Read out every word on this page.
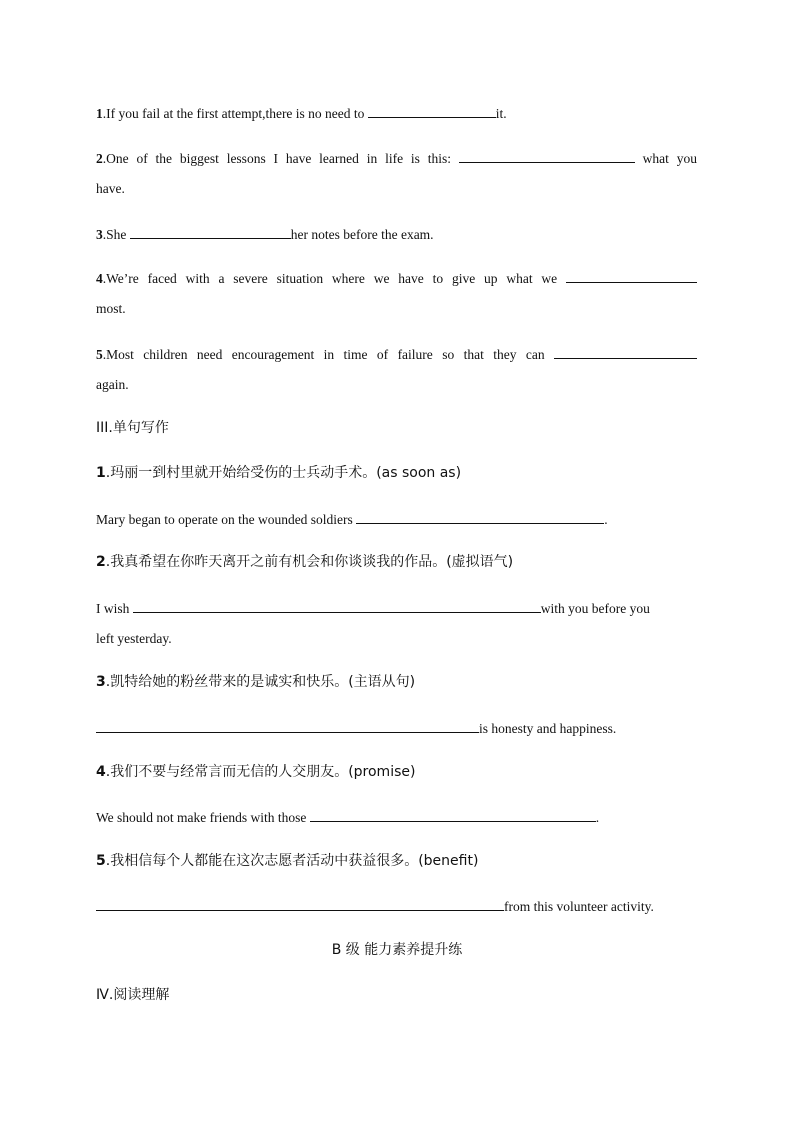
1.If you fail at the first attempt,there is no need to	it.
2.One of the biggest lessons I have learned in life is this:	what you
have.
3.She	her notes before the exam.
4.We’re faced with a severe situation where we have to give up what we
most.
5.Most children need encouragement in time of failure so that they can
again.
III.单句写作
1.玛丽一到村里就开始给受伤的士兵动手术。(as soon as)
Mary began to operate on the wounded soldiers	.
2.我真希望在你昨天离开之前有机会和你谈谈我的作品。(虚拟语气)
I wish	with you before you
left yesterday.
3.凯特给她的粉丝带来的是诚实和快乐。(主语从句)
is honesty and happiness.
4.我们不要与经常言而无信的人交朋友。(promise)
We should not make friends with those	.
5.我相信每个人都能在这次志愿者活动中获益很多。(benefit)
from this volunteer activity.
B 级 能力素养提升练
Ⅳ.阅读理解
